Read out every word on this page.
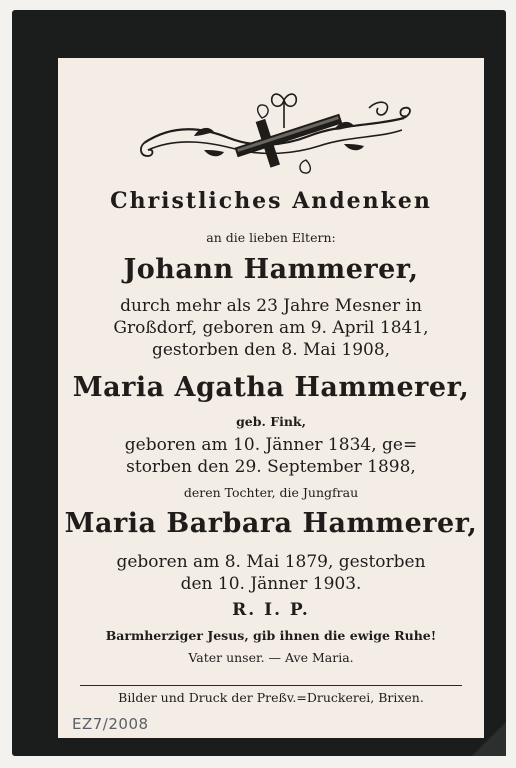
Christliches Andenken

an die lieben Eltern:

Johann Hammerer,

durch mehr als 23 Jahre Mesner in

Großdorf, geboren am 9. April 1841,

gestorben den 8. Mai 1908,

Maria Agatha Hammerer,

geb. Fink,

geboren am 10. Jänner 1834, ge=

storben den 29. September 1898,

deren Tochter, die Jungfrau

Maria Barbara Hammerer,

geboren am 8. Mai 1879, gestorben

den 10. Jänner 1903.

R. I. P.

Barmherziger Jesus, gib ihnen die ewige Ruhe!

Vater unser. — Ave Maria.

Bilder und Druck der Preßv.=Druckerei, Brixen.

EZ7/2008
